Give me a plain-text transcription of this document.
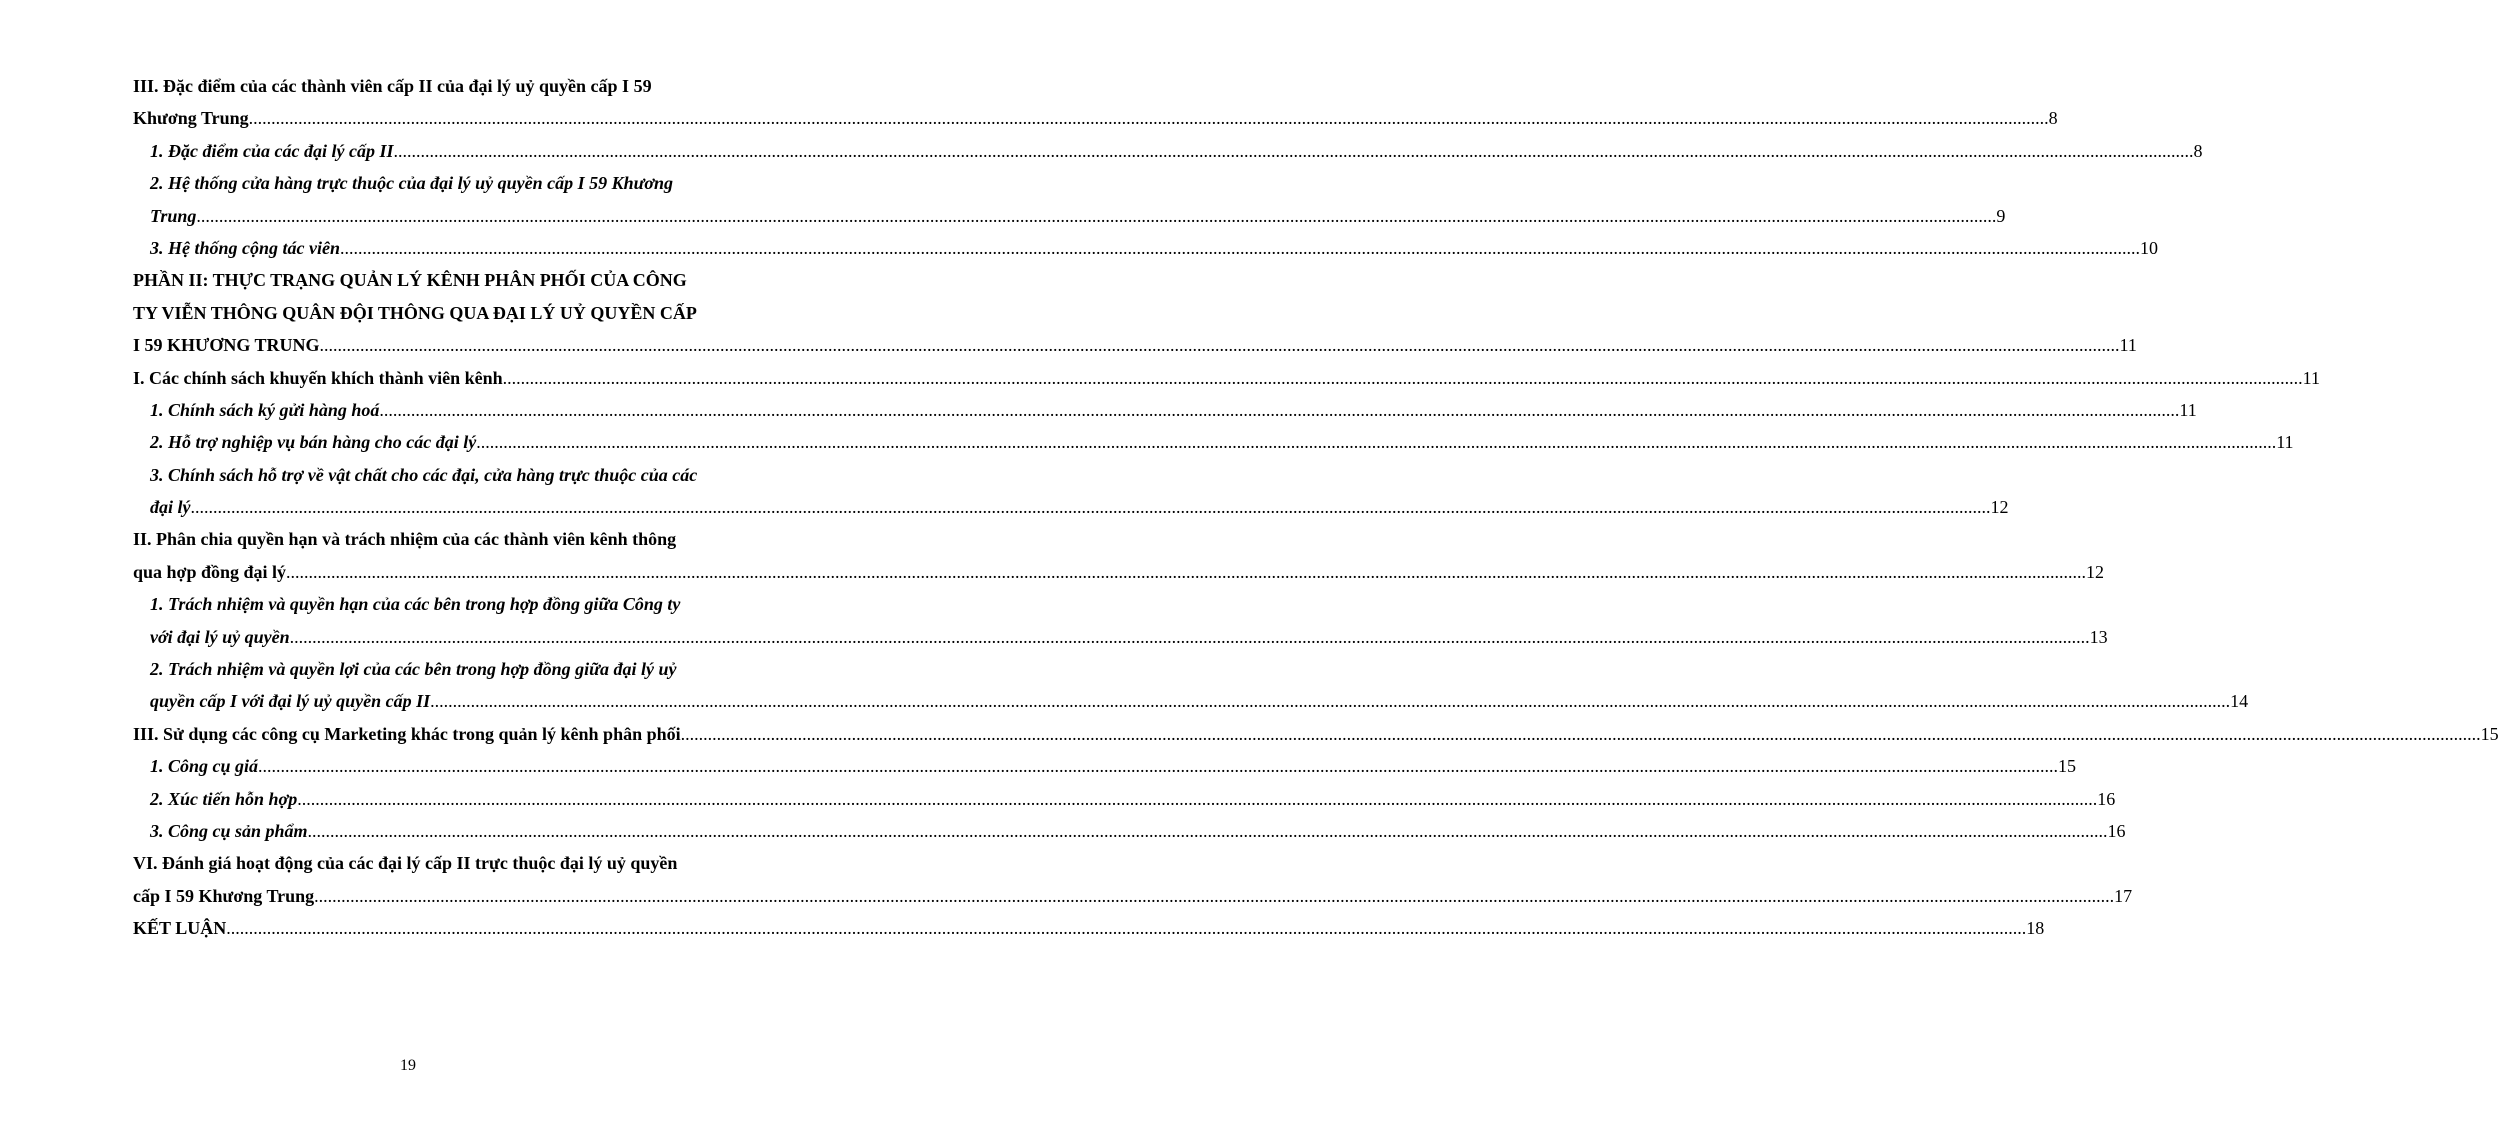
III. Đặc điểm của các thành viên cấp II của đại lý uỷ quyền cấp I 59
Khương Trung ................................................................................................................................................................................................................................................................................................................................................................................................................ 8
1. Đặc điểm của các đại lý cấp II ................................................................................................................................................................................................................................................................................................................................................................................................................ 8
2. Hệ thống cửa hàng trực thuộc của đại lý uỷ quyền cấp I 59 Khương
Trung ................................................................................................................................................................................................................................................................................................................................................................................................................ 9
3. Hệ thống cộng tác viên ................................................................................................................................................................................................................................................................................................................................................................................................................ 10
PHẦN II: THỰC TRẠNG QUẢN LÝ KÊNH PHÂN PHỐI CỦA CÔNG
TY VIỄN THÔNG QUÂN ĐỘI THÔNG QUA ĐẠI LÝ UỶ QUYỀN CẤP
I 59 KHƯƠNG TRUNG ................................................................................................................................................................................................................................................................................................................................................................................................................ 11
I. Các chính sách khuyến khích thành viên kênh ................................................................................................................................................................................................................................................................................................................................................................................................................ 11
1. Chính sách ký gửi hàng hoá ................................................................................................................................................................................................................................................................................................................................................................................................................ 11
2. Hỗ trợ nghiệp vụ bán hàng cho các đại lý ................................................................................................................................................................................................................................................................................................................................................................................................................ 11
3. Chính sách hỗ trợ về vật chất cho các đại, cửa hàng trực thuộc của các
đại lý ................................................................................................................................................................................................................................................................................................................................................................................................................ 12
II. Phân chia quyền hạn và trách nhiệm của các thành viên kênh thông
qua hợp đồng đại lý ................................................................................................................................................................................................................................................................................................................................................................................................................ 12
1. Trách nhiệm và quyền hạn của các bên trong hợp đồng giữa Công ty
với đại lý uỷ quyền ................................................................................................................................................................................................................................................................................................................................................................................................................ 13
2. Trách nhiệm và quyền lợi của các bên trong hợp đồng giữa đại lý uỷ
quyền cấp I với đại lý uỷ quyền cấp II ................................................................................................................................................................................................................................................................................................................................................................................................................ 14
III. Sử dụng các công cụ Marketing khác trong quản lý kênh phân phối ................................................................................................................................................................................................................................................................................................................................................................................................................ 15
1. Công cụ giá ................................................................................................................................................................................................................................................................................................................................................................................................................ 15
2. Xúc tiến hỗn hợp ................................................................................................................................................................................................................................................................................................................................................................................................................ 16
3. Công cụ sản phẩm ................................................................................................................................................................................................................................................................................................................................................................................................................ 16
VI. Đánh giá hoạt động của các đại lý cấp II trực thuộc đại lý uỷ quyền
cấp I 59 Khương Trung ................................................................................................................................................................................................................................................................................................................................................................................................................ 17
KẾT LUẬN ................................................................................................................................................................................................................................................................................................................................................................................................................ 18
19
